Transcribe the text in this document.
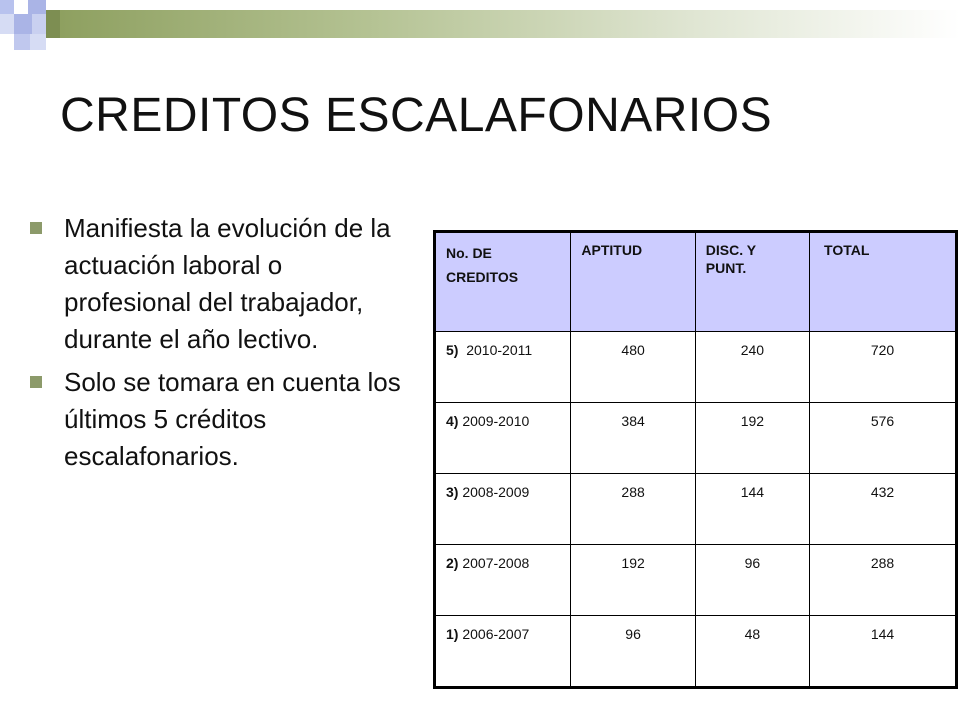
CREDITOS ESCALAFONARIOS
Manifiesta la evolución de la actuación laboral o profesional del trabajador, durante el año lectivo.
Solo se tomara en cuenta los últimos 5 créditos escalafonarios.
No. DE CREDITOS	APTITUD	DISC. Y PUNT.	TOTAL
5) 2010-2011	480	240	720
4) 2009-2010	384	192	576
3) 2008-2009	288	144	432
2) 2007-2008	192	96	288
1) 2006-2007	96	48	144
